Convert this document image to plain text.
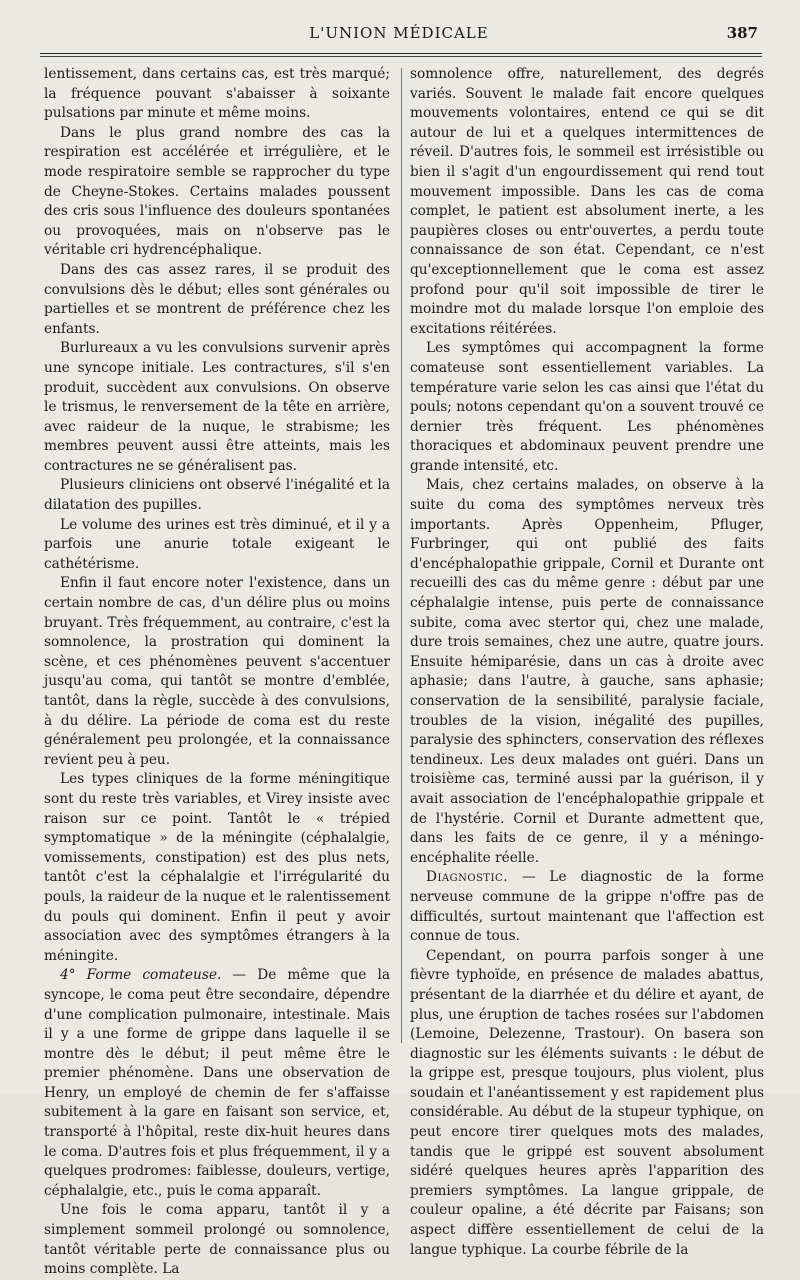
L'UNION MÉDICALE	387

lentissement, dans certains cas, est très marqué; la fréquence pouvant s'abaisser à soixante pulsations par minute et même moins.

Dans le plus grand nombre des cas la respiration est accélérée et irrégulière, et le mode respiratoire semble se rapprocher du type de Cheyne-Stokes. Certains malades poussent des cris sous l'influence des douleurs spontanées ou provoquées, mais on n'observe pas le véritable cri hydrencéphalique.

Dans des cas assez rares, il se produit des convulsions dès le début; elles sont générales ou partielles et se montrent de préférence chez les enfants.

Burlureaux a vu les convulsions survenir après une syncope initiale. Les contractures, s'il s'en produit, succèdent aux convulsions. On observe le trismus, le renversement de la tête en arrière, avec raideur de la nuque, le strabisme; les membres peuvent aussi être atteints, mais les contractures ne se généralisent pas.

Plusieurs cliniciens ont observé l'inégalité et la dilatation des pupilles.

Le volume des urines est très diminué, et il y a parfois une anurie totale exigeant le cathétérisme.

Enfin il faut encore noter l'existence, dans un certain nombre de cas, d'un délire plus ou moins bruyant. Très fréquemment, au contraire, c'est la somnolence, la prostration qui dominent la scène, et ces phénomènes peuvent s'accentuer jusqu'au coma, qui tantôt se montre d'emblée, tantôt, dans la règle, succède à des convulsions, à du délire. La période de coma est du reste généralement peu prolongée, et la connaissance revient peu à peu.

Les types cliniques de la forme méningitique sont du reste très variables, et Virey insiste avec raison sur ce point. Tantôt le « trépied symptomatique » de la méningite (céphalalgie, vomissements, constipation) est des plus nets, tantôt c'est la céphalalgie et l'irrégularité du pouls, la raideur de la nuque et le ralentissement du pouls qui dominent. Enfin il peut y avoir association avec des symptômes étrangers à la méningite.

4° Forme comateuse. — De même que la syncope, le coma peut être secondaire, dépendre d'une complication pulmonaire, intestinale. Mais il y a une forme de grippe dans laquelle il se montre dès le début; il peut même être le premier phénomène. Dans une observation de Henry, un employé de chemin de fer s'affaisse subitement à la gare en faisant son service, et, transporté à l'hôpital, reste dix-huit heures dans le coma. D'autres fois et plus fréquemment, il y a quelques prodromes: faiblesse, douleurs, vertige, céphalalgie, etc., puis le coma apparaît.

Une fois le coma apparu, tantôt il y a simplement sommeil prolongé ou somnolence, tantôt véritable perte de connaissance plus ou moins complète. La

somnolence offre, naturellement, des degrés variés. Souvent le malade fait encore quelques mouvements volontaires, entend ce qui se dit autour de lui et a quelques intermittences de réveil. D'autres fois, le sommeil est irrésistible ou bien il s'agit d'un engourdissement qui rend tout mouvement impossible. Dans les cas de coma complet, le patient est absolument inerte, a les paupières closes ou entr'ouvertes, a perdu toute connaissance de son état. Cependant, ce n'est qu'exceptionnellement que le coma est assez profond pour qu'il soit impossible de tirer le moindre mot du malade lorsque l'on emploie des excitations réitérées.

Les symptômes qui accompagnent la forme comateuse sont essentiellement variables. La température varie selon les cas ainsi que l'état du pouls; notons cependant qu'on a souvent trouvé ce dernier très fréquent. Les phénomènes thoraciques et abdominaux peuvent prendre une grande intensité, etc.

Mais, chez certains malades, on observe à la suite du coma des symptômes nerveux très importants. Après Oppenheim, Pfluger, Furbringer, qui ont publié des faits d'encéphalopathie grippale, Cornil et Durante ont recueilli des cas du même genre : début par une céphalalgie intense, puis perte de connaissance subite, coma avec stertor qui, chez une malade, dure trois semaines, chez une autre, quatre jours. Ensuite hémiparésie, dans un cas à droite avec aphasie; dans l'autre, à gauche, sans aphasie; conservation de la sensibilité, paralysie faciale, troubles de la vision, inégalité des pupilles, paralysie des sphincters, conservation des réflexes tendineux. Les deux malades ont guéri. Dans un troisième cas, terminé aussi par la guérison, il y avait association de l'encéphalopathie grippale et de l'hystérie. Cornil et Durante admettent que, dans les faits de ce genre, il y a méningo-encéphalite réelle.

Diagnostic. — Le diagnostic de la forme nerveuse commune de la grippe n'offre pas de difficultés, surtout maintenant que l'affection est connue de tous.

Cependant, on pourra parfois songer à une fièvre typhoïde, en présence de malades abattus, présentant de la diarrhée et du délire et ayant, de plus, une éruption de taches rosées sur l'abdomen (Lemoine, Delezenne, Trastour). On basera son diagnostic sur les éléments suivants : le début de la grippe est, presque toujours, plus violent, plus soudain et l'anéantissement y est rapidement plus considérable. Au début de la stupeur typhique, on peut encore tirer quelques mots des malades, tandis que le grippé est souvent absolument sidéré quelques heures après l'apparition des premiers symptômes. La langue grippale, de couleur opaline, a été décrite par Faisans; son aspect diffère essentiellement de celui de la langue typhique. La courbe fébrile de la
